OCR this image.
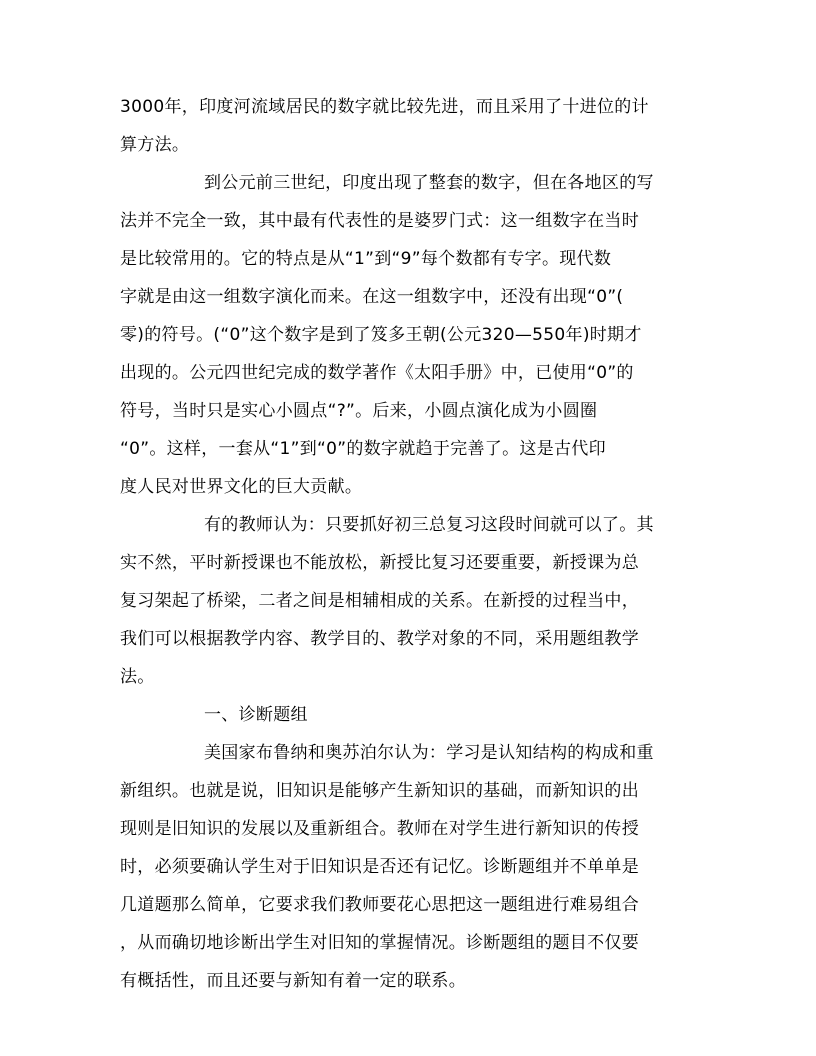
3000年，印度河流域居民的数字就比较先进，而且采用了十进位的计
算方法。
到公元前三世纪，印度出现了整套的数字，但在各地区的写
法并不完全一致，其中最有代表性的是婆罗门式：这一组数字在当时
是比较常用的。它的特点是从“1”到“9”每个数都有专字。现代数
字就是由这一组数字演化而来。在这一组数字中，还没有出现“0”(
零)的符号。(“0”这个数字是到了笈多王朝(公元320—550年)时期才
出现的。公元四世纪完成的数学著作《太阳手册》中，已使用“0”的
符号，当时只是实心小圆点“?”。后来，小圆点演化成为小圆圈
“0”。这样，一套从“1”到“0”的数字就趋于完善了。这是古代印
度人民对世界文化的巨大贡献。
有的教师认为：只要抓好初三总复习这段时间就可以了。其
实不然，平时新授课也不能放松，新授比复习还要重要，新授课为总
复习架起了桥梁，二者之间是相辅相成的关系。在新授的过程当中，
我们可以根据教学内容、教学目的、教学对象的不同，采用题组教学
法。
一、诊断题组
美国家布鲁纳和奥苏泊尔认为：学习是认知结构的构成和重
新组织。也就是说，旧知识是能够产生新知识的基础，而新知识的出
现则是旧知识的发展以及重新组合。教师在对学生进行新知识的传授
时，必须要确认学生对于旧知识是否还有记忆。诊断题组并不单单是
几道题那么简单，它要求我们教师要花心思把这一题组进行难易组合
，从而确切地诊断出学生对旧知的掌握情况。诊断题组的题目不仅要
有概括性，而且还要与新知有着一定的联系。
